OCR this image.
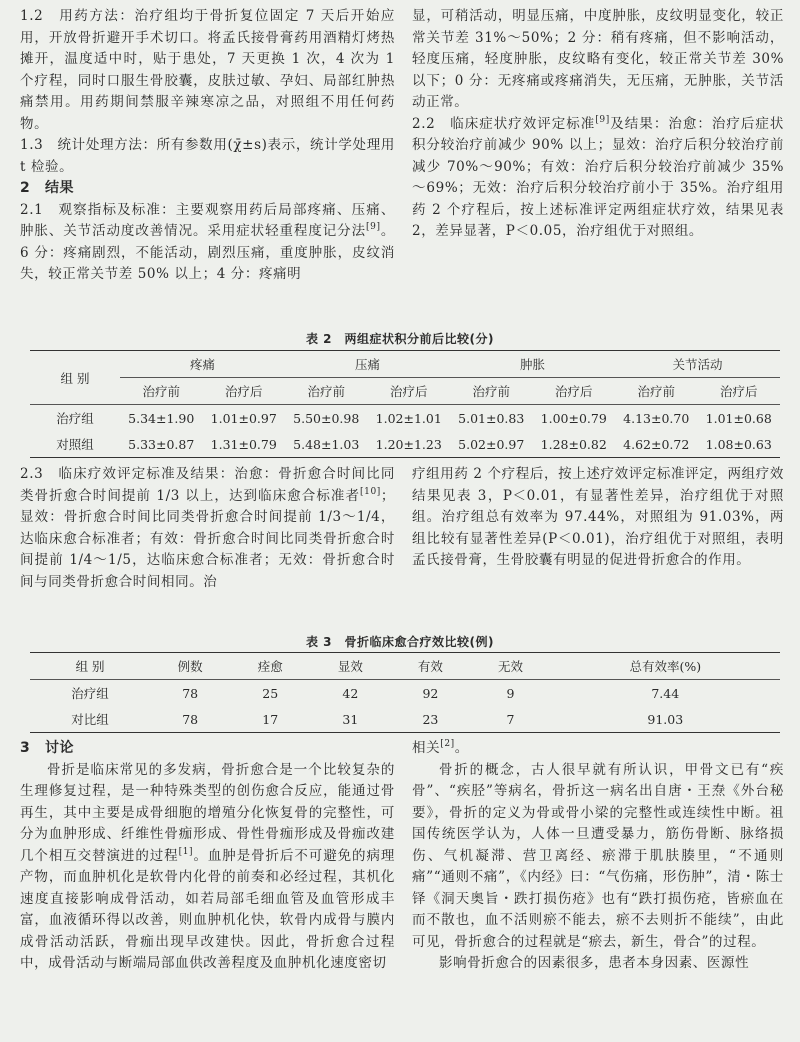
1.2　用药方法：治疗组均于骨折复位固定 7 天后开始应用，开放骨折避开手术切口。将孟氏接骨膏药用酒精灯烤热摊开，温度适中时，贴于患处，7 天更换 1 次，4 次为 1 个疗程，同时口服生骨胶囊，皮肤过敏、孕妇、局部红肿热痛禁用。用药期间禁服辛辣寒凉之品，对照组不用任何药物。

1.3　统计处理方法：所有参数用(χ̄±s)表示，统计学处理用 t 检验。

2　结果

2.1　观察指标及标准：主要观察用药后局部疼痛、压痛、肿胀、关节活动度改善情况。采用症状轻重程度记分法[9]。6 分：疼痛剧烈，不能活动，剧烈压痛，重度肿胀，皮纹消失，较正常关节差 50% 以上；4 分：疼痛明

显，可稍活动，明显压痛，中度肿胀，皮纹明显变化，较正常关节差 31%～50%；2 分：稍有疼痛，但不影响活动，轻度压痛，轻度肿胀，皮纹略有变化，较正常关节差 30%以下；0 分：无疼痛或疼痛消失，无压痛，无肿胀，关节活动正常。

2.2　临床症状疗效评定标准[9]及结果：治愈：治疗后症状积分较治疗前减少 90% 以上；显效：治疗后积分较治疗前减少 70%～90%；有效：治疗后积分较治疗前减少 35%～69%；无效：治疗后积分较治疗前小于 35%。治疗组用药 2 个疗程后，按上述标准评定两组症状疗效，结果见表 2，差异显著，P＜0.05，治疗组优于对照组。

表 2　两组症状积分前后比较(分)
组 别	疼痛		压痛		肿胀		关节活动	
	治疗前	治疗后	治疗前	治疗后	治疗前	治疗后	治疗前	治疗后
治疗组	5.34±1.90	1.01±0.97	5.50±0.98	1.02±1.01	5.01±0.83	1.00±0.79	4.13±0.70	1.01±0.68
对照组	5.33±0.87	1.31±0.79	5.48±1.03	1.20±1.23	5.02±0.97	1.28±0.82	4.62±0.72	1.08±0.63

2.3　临床疗效评定标准及结果：治愈：骨折愈合时间比同类骨折愈合时间提前 1/3 以上，达到临床愈合标准者[10]；显效：骨折愈合时间比同类骨折愈合时间提前 1/3～1/4，达临床愈合标准者；有效：骨折愈合时间比同类骨折愈合时间提前 1/4～1/5，达临床愈合标准者；无效：骨折愈合时间与同类骨折愈合时间相同。治

疗组用药 2 个疗程后，按上述疗效评定标准评定，两组疗效结果见表 3，P＜0.01，有显著性差异，治疗组优于对照组。治疗组总有效率为 97.44%，对照组为 91.03%，两组比较有显著性差异(P＜0.01)，治疗组优于对照组，表明孟氏接骨膏，生骨胶囊有明显的促进骨折愈合的作用。

表 3　骨折临床愈合疗效比较(例)
组 别	例数	痊愈	显效	有效	无效	总有效率(%)
治疗组	78	25	42	92	9	7.44
对比组	78	17	31	23	7	91.03

3　讨论

骨折是临床常见的多发病，骨折愈合是一个比较复杂的生理修复过程，是一种特殊类型的创伤愈合反应，能通过骨再生，其中主要是成骨细胞的增殖分化恢复骨的完整性，可分为血肿形成、纤维性骨痂形成、骨性骨痂形成及骨痂改建几个相互交替演进的过程[1]。血肿是骨折后不可避免的病理产物，而血肿机化是软骨内化骨的前奏和必经过程，其机化速度直接影响成骨活动，如若局部毛细血管及血管形成丰富，血液循环得以改善，则血肿机化快，软骨内成骨与膜内成骨活动活跃，骨痂出现早改建快。因此，骨折愈合过程中，成骨活动与断端局部血供改善程度及血肿机化速度密切

相关[2]。

骨折的概念，古人很早就有所认识，甲骨文已有“疾骨”、“疾胫”等病名，骨折这一病名出自唐・王焘《外台秘要》，骨折的定义为骨或骨小梁的完整性或连续性中断。祖国传统医学认为，人体一旦遭受暴力，筋伤骨断、脉络损伤、气机凝滞、营卫离经、瘀滞于肌肤腠里，“不通则痛”“通则不痛”，《内经》曰：“气伤痛，形伤肿”，清・陈士铎《洞天奥旨・跌打损伤疮》也有“跌打损伤疮，皆瘀血在而不散也，血不活则瘀不能去，瘀不去则折不能续”，由此可见，骨折愈合的过程就是“瘀去，新生，骨合”的过程。

影响骨折愈合的因素很多，患者本身因素、医源性
